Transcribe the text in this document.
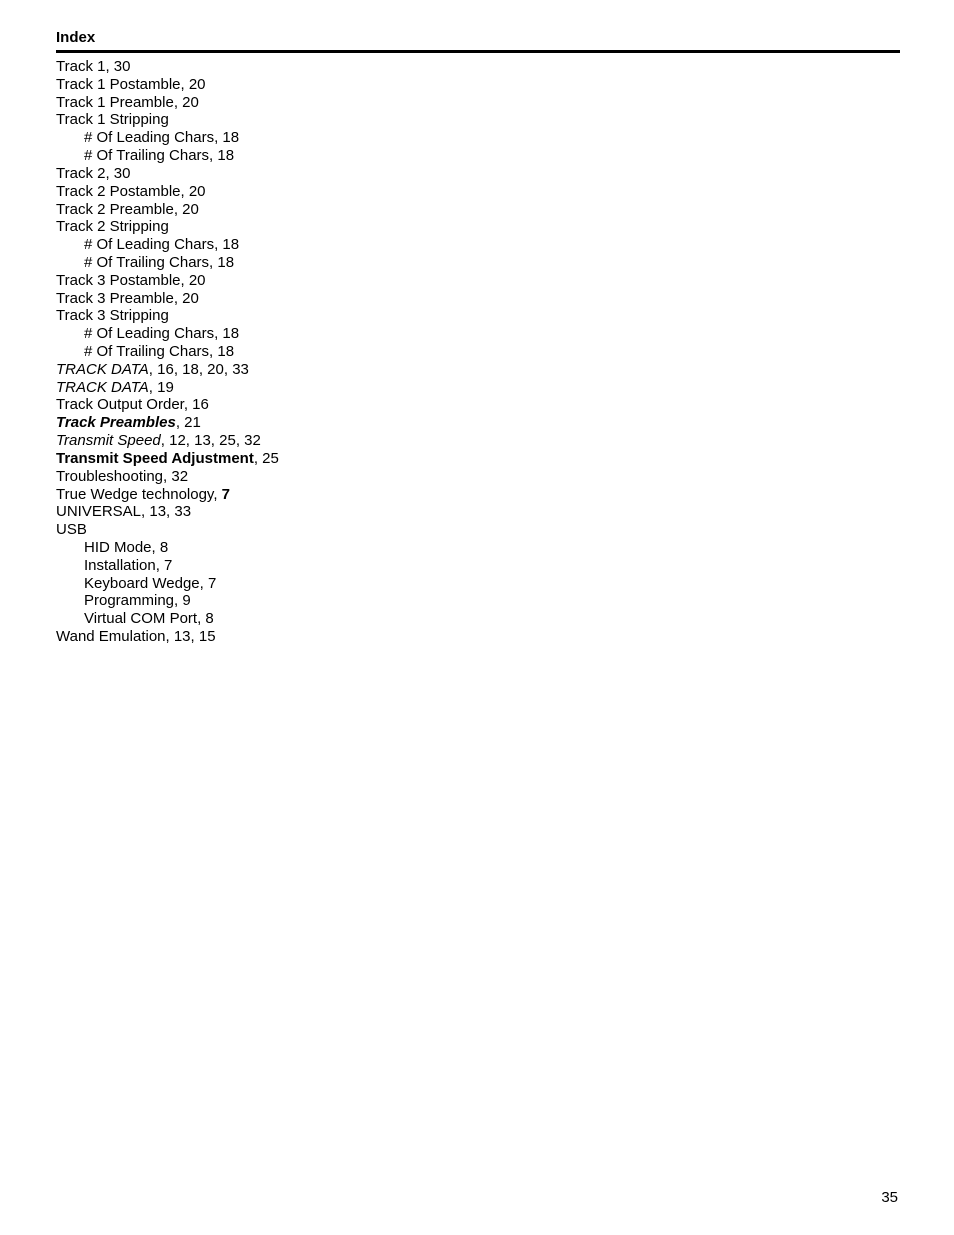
Index
Track 1, 30
Track 1 Postamble, 20
Track 1 Preamble, 20
Track 1 Stripping
# Of Leading Chars, 18
# Of Trailing Chars, 18
Track 2, 30
Track 2 Postamble, 20
Track 2 Preamble, 20
Track 2 Stripping
# Of Leading Chars, 18
# Of Trailing Chars, 18
Track 3 Postamble, 20
Track 3 Preamble, 20
Track 3 Stripping
# Of Leading Chars, 18
# Of Trailing Chars, 18
TRACK DATA, 16, 18, 20, 33
TRACK DATA, 19
Track Output Order, 16
Track Preambles, 21
Transmit Speed, 12, 13, 25, 32
Transmit Speed Adjustment, 25
Troubleshooting, 32
True Wedge technology, 7
UNIVERSAL, 13, 33
USB
HID Mode, 8
Installation, 7
Keyboard Wedge, 7
Programming, 9
Virtual COM Port, 8
Wand Emulation, 13, 15
35
